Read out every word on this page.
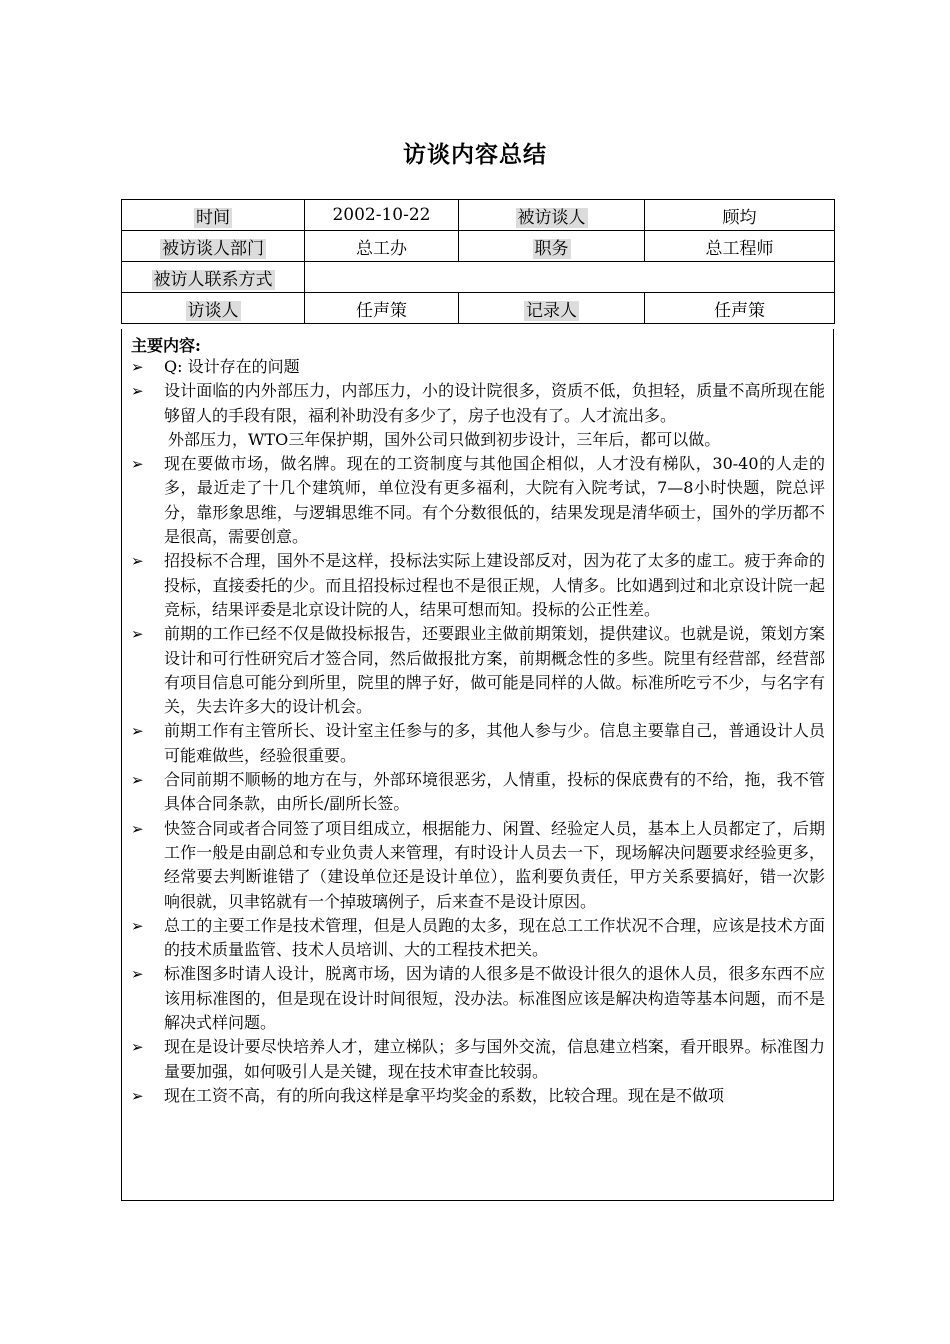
访谈内容总结
时间	2002-10-22	被访谈人	顾均
被访谈人部门	总工办	职务	总工程师
被访人联系方式			
访谈人	任声策	记录人	任声策
主要内容:
➢ Q: 设计存在的问题
➢ 设计面临的内外部压力，内部压力，小的设计院很多，资质不低，负担轻，质量不高所现在能够留人的手段有限，福利补助没有多少了，房子也没有了。人才流出多。
外部压力，WTO三年保护期，国外公司只做到初步设计，三年后，都可以做。
➢ 现在要做市场，做名牌。现在的工资制度与其他国企相似，人才没有梯队，30-40的人走的多，最近走了十几个建筑师，单位没有更多福利，大院有入院考试，7—8小时快题，院总评分，靠形象思维，与逻辑思维不同。有个分数很低的，结果发现是清华硕士，国外的学历都不是很高，需要创意。
➢ 招投标不合理，国外不是这样，投标法实际上建设部反对，因为花了太多的虚工。疲于奔命的投标，直接委托的少。而且招投标过程也不是很正规，人情多。比如遇到过和北京设计院一起竞标，结果评委是北京设计院的人，结果可想而知。投标的公正性差。
➢ 前期的工作已经不仅是做投标报告，还要跟业主做前期策划，提供建议。也就是说，策划方案设计和可行性研究后才签合同，然后做报批方案，前期概念性的多些。院里有经营部，经营部有项目信息可能分到所里，院里的牌子好，做可能是同样的人做。标准所吃亏不少，与名字有关，失去许多大的设计机会。
➢ 前期工作有主管所长、设计室主任参与的多，其他人参与少。信息主要靠自己，普通设计人员可能难做些，经验很重要。
➢ 合同前期不顺畅的地方在与，外部环境很恶劣，人情重，投标的保底费有的不给，拖，我不管具体合同条款，由所长/副所长签。
➢ 快签合同或者合同签了项目组成立，根据能力、闲置、经验定人员，基本上人员都定了，后期工作一般是由副总和专业负责人来管理，有时设计人员去一下，现场解决问题要求经验更多， 经常要去判断谁错了（建设单位还是设计单位），监利要负责任，甲方关系要搞好，错一次影响很就，贝聿铭就有一个掉玻璃例子，后来查不是设计原因。
➢ 总工的主要工作是技术管理，但是人员跑的太多，现在总工工作状况不合理，应该是技术方面的技术质量监管、技术人员培训、大的工程技术把关。
➢ 标准图多时请人设计，脱离市场，因为请的人很多是不做设计很久的退休人员，很多东西不应该用标准图的，但是现在设计时间很短，没办法。标准图应该是解决构造等基本问题，而不是解决式样问题。
➢ 现在是设计要尽快培养人才，建立梯队；多与国外交流，信息建立档案，看开眼界。标准图力量要加强，如何吸引人是关键，现在技术审查比较弱。
➢ 现在工资不高，有的所向我这样是拿平均奖金的系数，比较合理。现在是不做项
